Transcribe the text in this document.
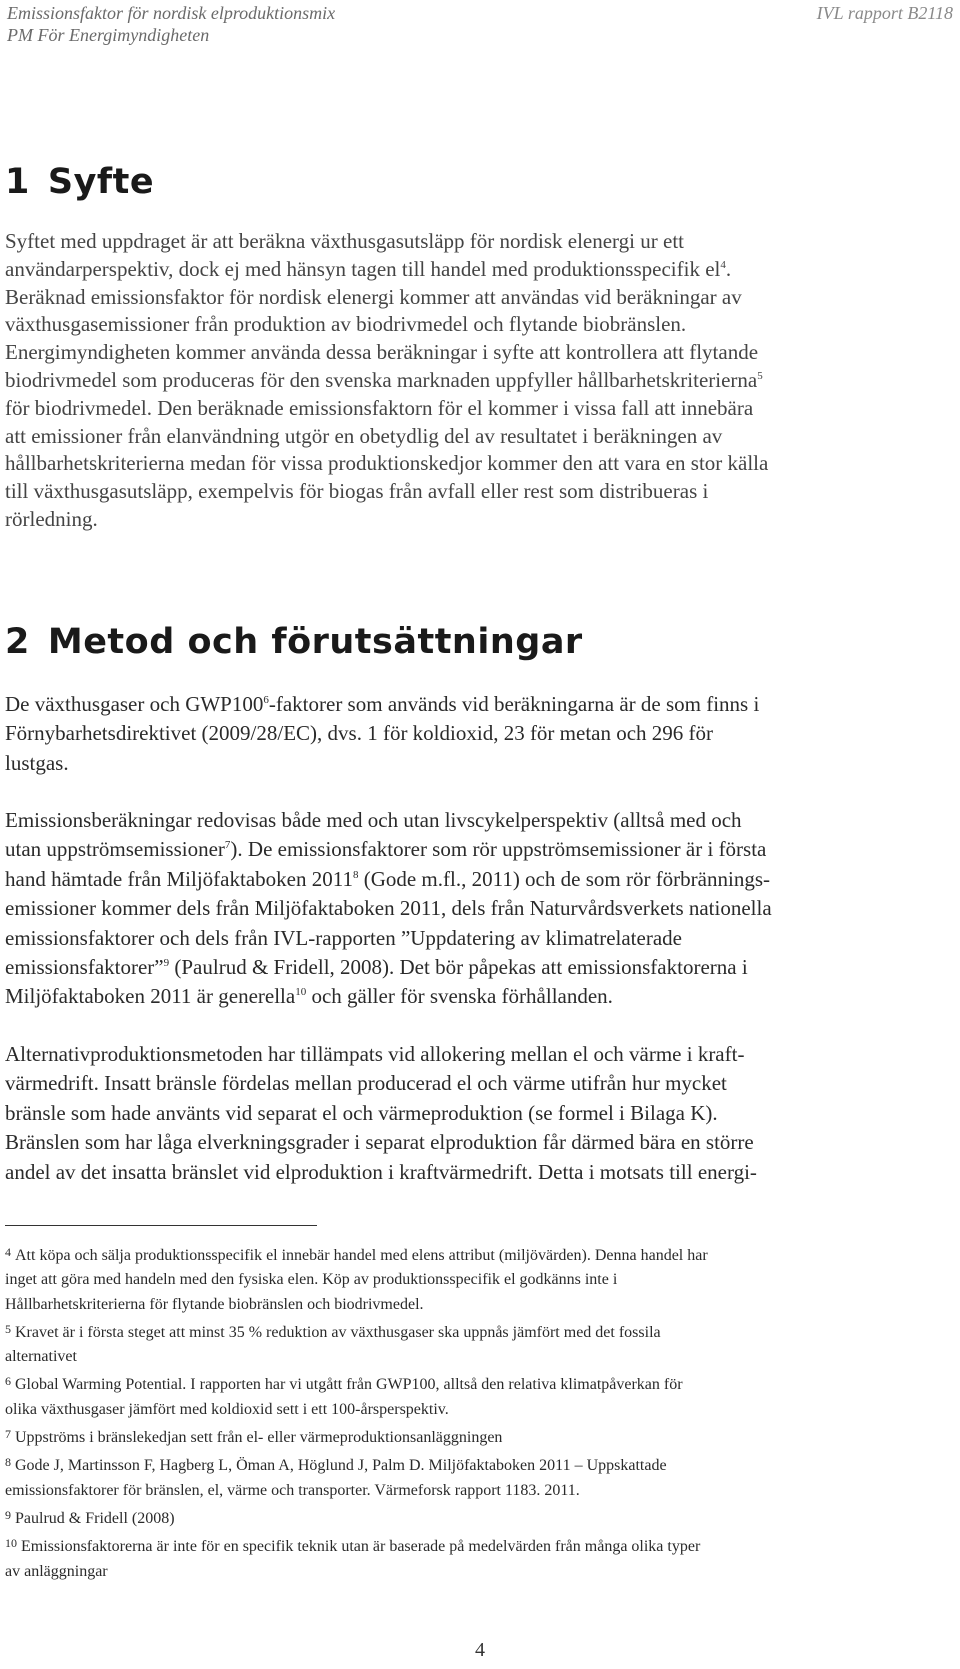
Emissionsfaktor för nordisk elproduktionsmix
PM För Energimyndigheten
IVL rapport B2118
1 Syfte
Syftet med uppdraget är att beräkna växthusgasutsläpp för nordisk elenergi ur ett
användarperspektiv, dock ej med hänsyn tagen till handel med produktionsspecifik $el^4$.
Beräknad emissionsfaktor för nordisk elenergi kommer att användas vid beräkningar av
växthusgasemissioner från produktion av biodrivmedel och flytande biobränslen.
Energimyndigheten kommer använda dessa beräkningar i syfte att kontrollera att flytande
biodrivmedel som produceras för den svenska marknaden uppfyller hållbarhetskriterierna$^5$
för biodrivmedel. Den beräknade emissionsfaktorn för el kommer i vissa fall att innebära
att emissioner från elanvändning utgör en obetydlig del av resultatet i beräkningen av
hållbarhetskriterierna medan för vissa produktionskedjor kommer den att vara en stor källa
till växthusgasutsläpp, exempelvis för biogas från avfall eller rest som distribueras i
rörledning.
2 Metod och förutsättningar
De växthusgaser och $GWP100^6$-faktorer som används vid beräkningarna är de som finns i
Förnybarhetsdirektivet (2009/28/EC), dvs. 1 för koldioxid, 23 för metan och 296 för
lustgas.
Emissionsberäkningar redovisas både med och utan livscykelperspektiv (alltså med och
utan uppströmsemissioner$^7$). De emissionsfaktorer som rör uppströmsemissioner är i första
hand hämtade från Miljöfaktaboken 2011$^8$ (Gode m.fl., 2011) och de som rör förbrännings-
emissioner kommer dels från Miljöfaktaboken 2011, dels från Naturvårdsverkets nationella
emissionsfaktorer och dels från IVL-rapporten ”Uppdatering av klimatrelaterade
emissionsfaktorer”$^9$ (Paulrud & Fridell, 2008). Det bör påpekas att emissionsfaktorerna i
Miljöfaktaboken 2011 är generella$^{10}$ och gäller för svenska förhållanden.
Alternativproduktionsmetoden har tillämpats vid allokering mellan el och värme i kraft-
värmedrift. Insatt bränsle fördelas mellan producerad el och värme utifrån hur mycket
bränsle som hade använts vid separat el och värmeproduktion (se formel i Bilaga K).
Bränslen som har låga elverkningsgrader i separat elproduktion får därmed bära en större
andel av det insatta bränslet vid elproduktion i kraftvärmedrift. Detta i motsats till energi-
$^4$ Att köpa och sälja produktionsspecifik el innebär handel med elens attribut (miljövärden). Denna handel har
inget att göra med handeln med den fysiska elen. Köp av produktionsspecifik el godkänns inte i
Hållbarhetskriterierna för flytande biobränslen och biodrivmedel.
$^5$ Kravet är i första steget att minst 35 % reduktion av växthusgaser ska uppnås jämfört med det fossila
alternativet
$^6$ Global Warming Potential. I rapporten har vi utgått från GWP100, alltså den relativa klimatpåverkan för
olika växthusgaser jämfört med koldioxid sett i ett 100-årsperspektiv.
$^7$ Uppströms i bränslekedjan sett från el- eller värmeproduktionsanläggningen
$^8$ Gode J, Martinsson F, Hagberg L, Öman A, Höglund J, Palm D. Miljöfaktaboken 2011 – Uppskattade
emissionsfaktorer för bränslen, el, värme och transporter. Värmeforsk rapport 1183. 2011.
$^9$ Paulrud & Fridell (2008)
$^{10}$ Emissionsfaktorerna är inte för en specifik teknik utan är baserade på medelvärden från många olika typer
av anläggningar
4
